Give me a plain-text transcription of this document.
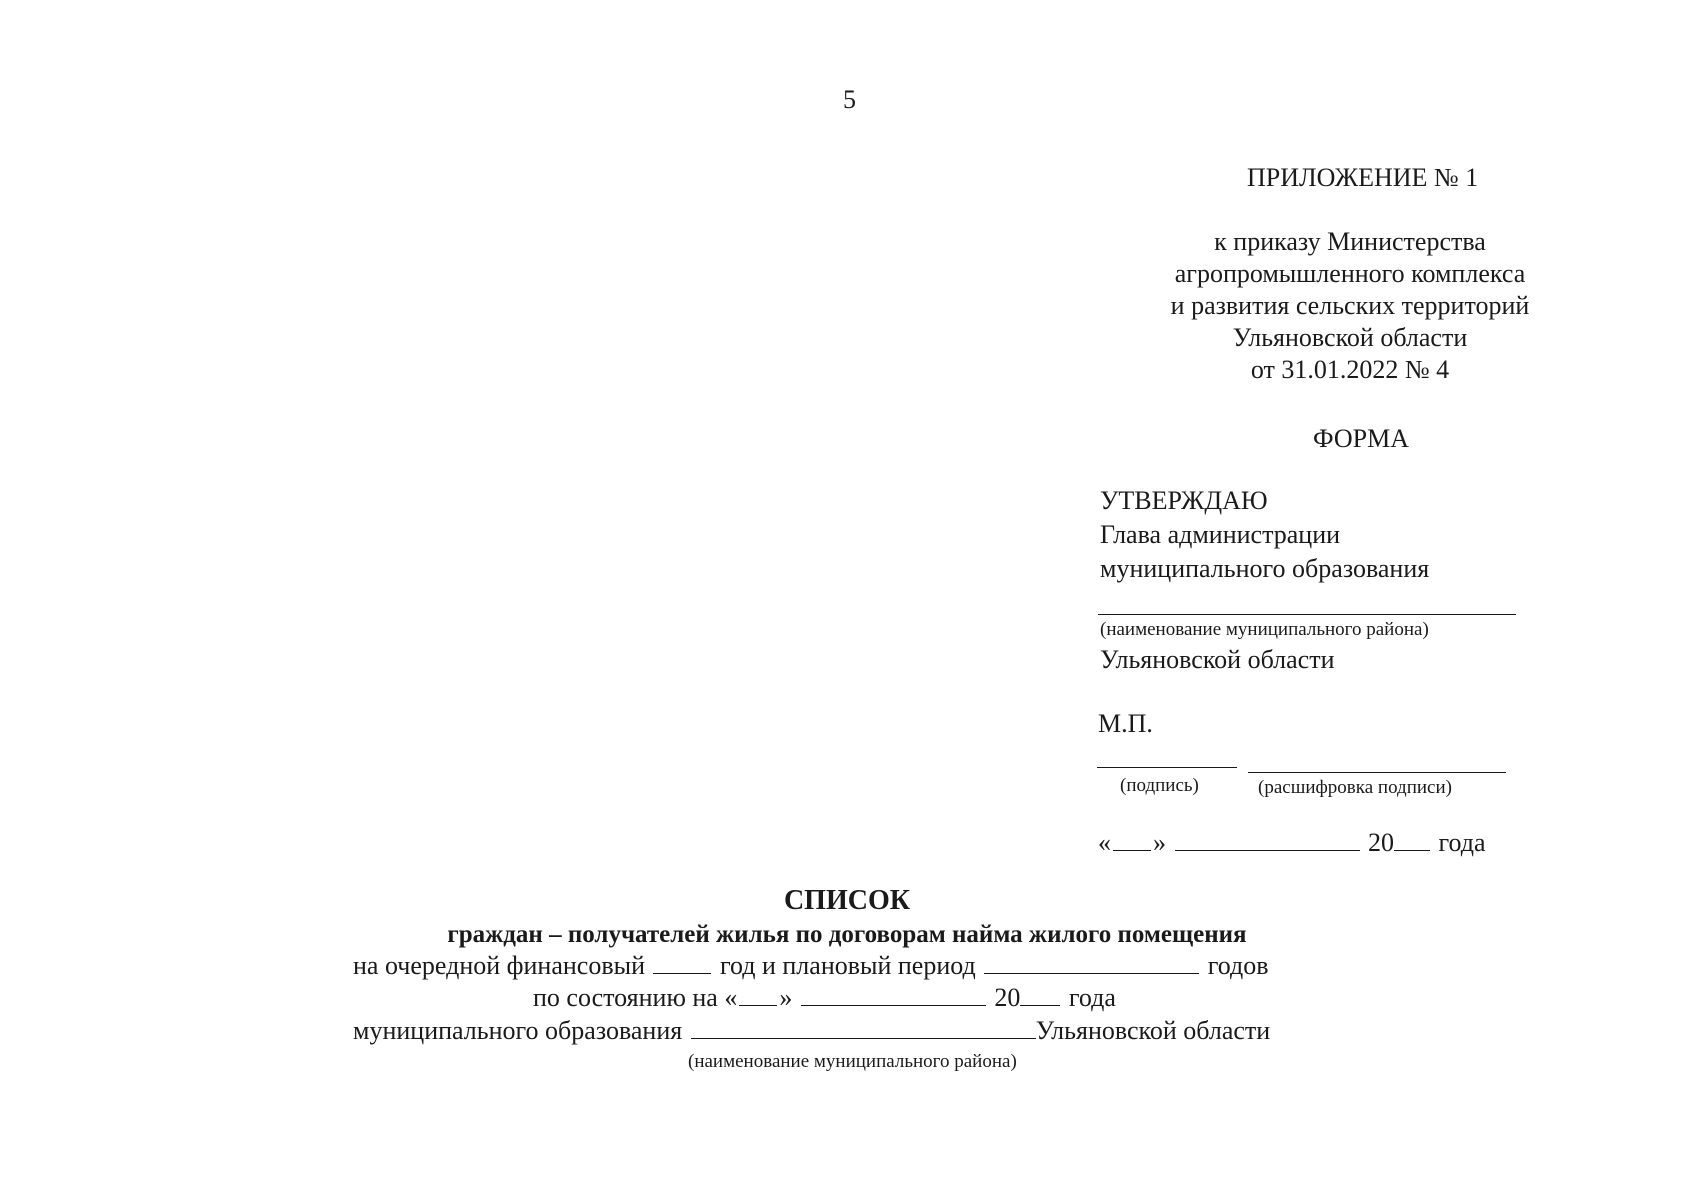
5
ПРИЛОЖЕНИЕ № 1
к приказу Министерства
агропромышленного комплекса
и развития сельских территорий
Ульяновской области
от 31.01.2022 № 4
ФОРМА
УТВЕРЖДАЮ
Глава администрации
муниципального образования
(наименование муниципального района)
Ульяновской области
М.П.
(подпись)	(расшифровка подписи)
« »	20 года
СПИСОК
граждан – получателей жилья по договорам найма жилого помещения
на очередной финансовый	год и плановый период	годов
по состоянию на « »	20 года
муниципального образования	Ульяновской области
(наименование муниципального района)
